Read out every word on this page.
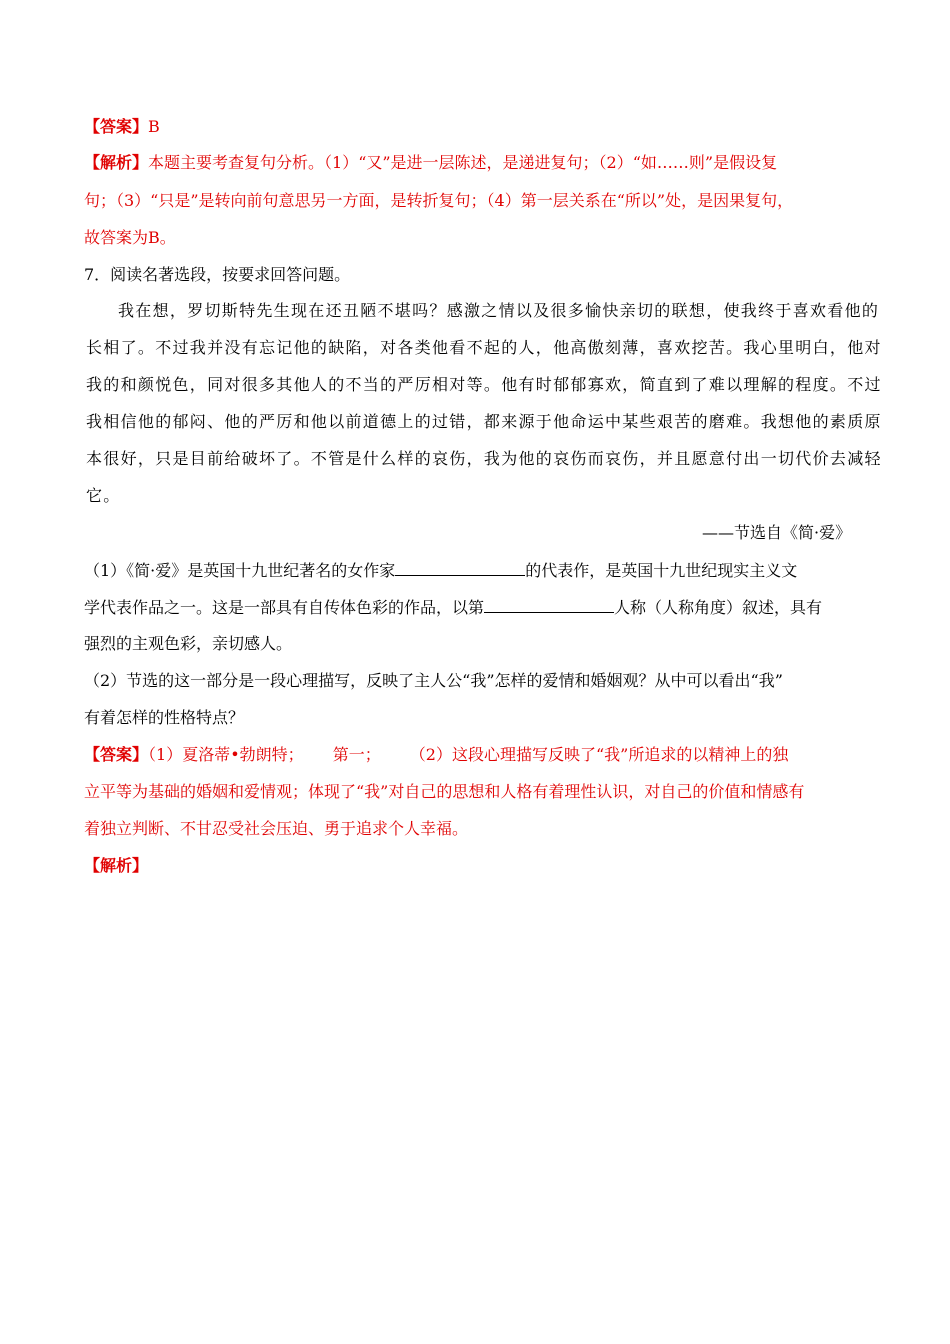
【答案】B
【解析】本题主要考查复句分析。（1）“又”是进一层陈述，是递进复句；（2）“如……则”是假设复
句；（3）“只是”是转向前句意思另一方面，是转折复句；（4）第一层关系在“所以”处，是因果复句，
故答案为B。
7．阅读名著选段，按要求回答问题。
我在想，罗切斯特先生现在还丑陋不堪吗？感激之情以及很多愉快亲切的联想，使我终于喜欢看他的
长相了。不过我并没有忘记他的缺陷，对各类他看不起的人，他高傲刻薄，喜欢挖苦。我心里明白，他对
我的和颜悦色，同对很多其他人的不当的严厉相对等。他有时郁郁寡欢，简直到了难以理解的程度。不过
我相信他的郁闷、他的严厉和他以前道德上的过错，都来源于他命运中某些艰苦的磨难。我想他的素质原
本很好，只是目前给破坏了。不管是什么样的哀伤，我为他的哀伤而哀伤，并且愿意付出一切代价去减轻
它。
——节选自《简·爱》
（1）《简·爱》是英国十九世纪著名的女作家	的代表作，是英国十九世纪现实主义文
学代表作品之一。这是一部具有自传体色彩的作品，以第	人称（人称角度）叙述，具有
强烈的主观色彩，亲切感人。
（2）节选的这一部分是一段心理描写，反映了主人公“我”怎样的爱情和婚姻观？从中可以看出“我”
有着怎样的性格特点？
【答案】（1）夏洛蒂•勃朗特；　　 第一；　　 （2）这段心理描写反映了“我”所追求的以精神上的独
立平等为基础的婚姻和爱情观；体现了“我”对自己的思想和人格有着理性认识，对自己的价值和情感有
着独立判断、不甘忍受社会压迫、勇于追求个人幸福。
【解析】
